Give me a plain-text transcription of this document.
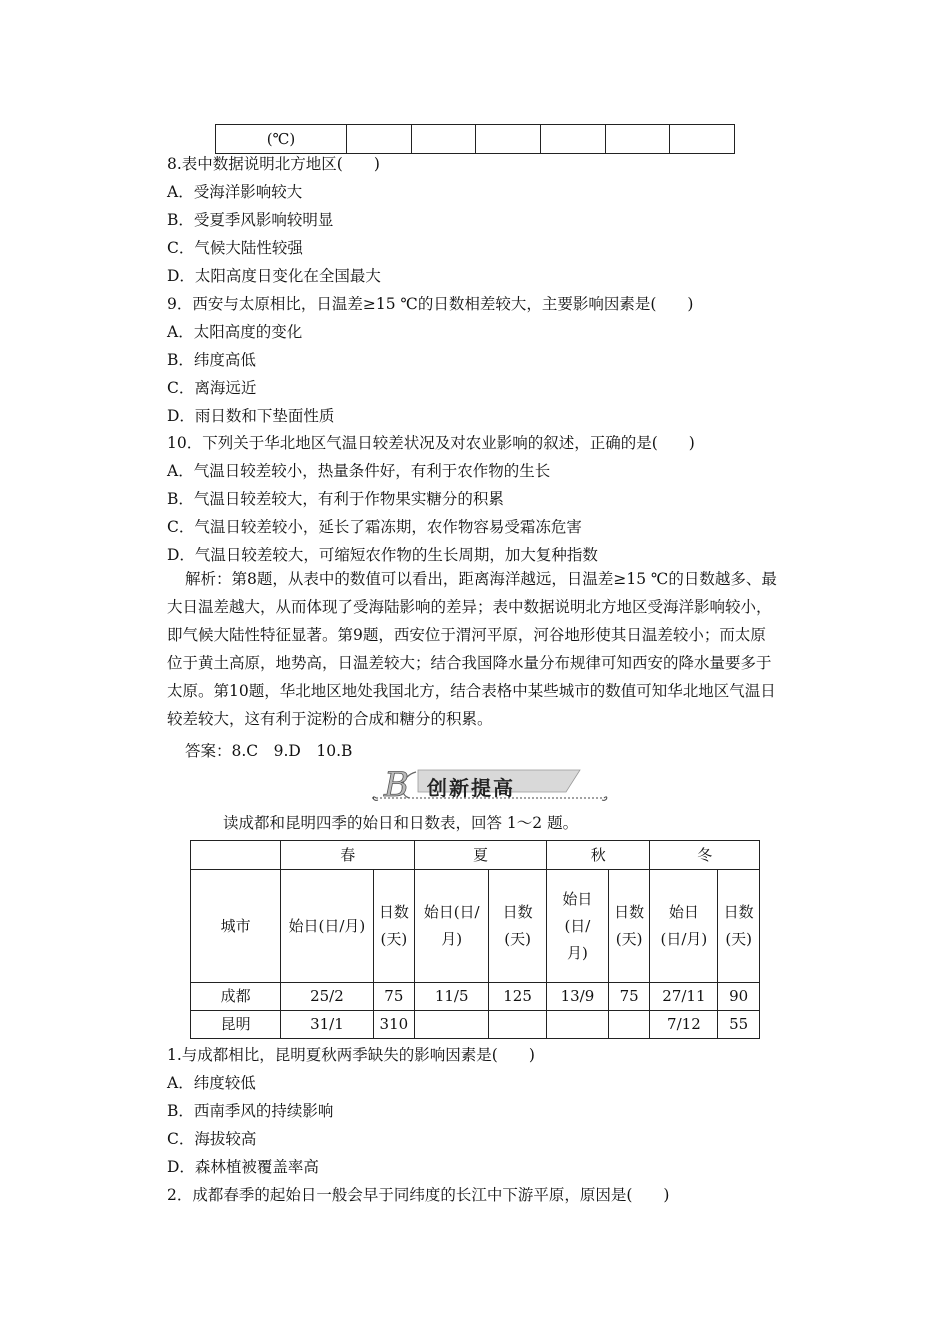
(℃)						
8.表中数据说明北方地区(　　)
A．受海洋影响较大
B．受夏季风影响较明显
C．气候大陆性较强
D．太阳高度日变化在全国最大
9．西安与太原相比，日温差≥15 ℃的日数相差较大，主要影响因素是(　　)
A．太阳高度的变化
B．纬度高低
C．离海远近
D．雨日数和下垫面性质
10．下列关于华北地区气温日较差状况及对农业影响的叙述，正确的是(　　)
A．气温日较差较小，热量条件好，有利于农作物的生长
B．气温日较差较大，有利于作物果实糖分的积累
C．气温日较差较小，延长了霜冻期，农作物容易受霜冻危害
D．气温日较差较大，可缩短农作物的生长周期，加大复种指数
解析：第8题，从表中的数值可以看出，距离海洋越远，日温差≥15 ℃的日数越多、最大日温差越大，从而体现了受海陆影响的差异；表中数据说明北方地区受海洋影响较小，即气候大陆性特征显著。第9题，西安位于渭河平原，河谷地形使其日温差较小；而太原位于黄土高原，地势高，日温差较大；结合我国降水量分布规律可知西安的降水量要多于太原。第10题，华北地区地处我国北方，结合表格中某些城市的数值可知华北地区气温日较差较大，这有利于淀粉的合成和糖分的积累。
答案：8.C　9.D　10.B
B 创新提高
读成都和昆明四季的始日和日数表，回答 1～2 题。
	春		夏		秋		冬	
城市	始日(日/月)	日数(天)	始日(日/月)	日数(天)	始日(日/月)	日数(天)	始日(日/月)	日数(天)
成都	25/2	75	11/5	125	13/9	75	27/11	90
昆明	31/1	310					7/12	55
1.与成都相比，昆明夏秋两季缺失的影响因素是(　　)
A．纬度较低
B．西南季风的持续影响
C．海拔较高
D．森林植被覆盖率高
2．成都春季的起始日一般会早于同纬度的长江中下游平原，原因是(　　)
